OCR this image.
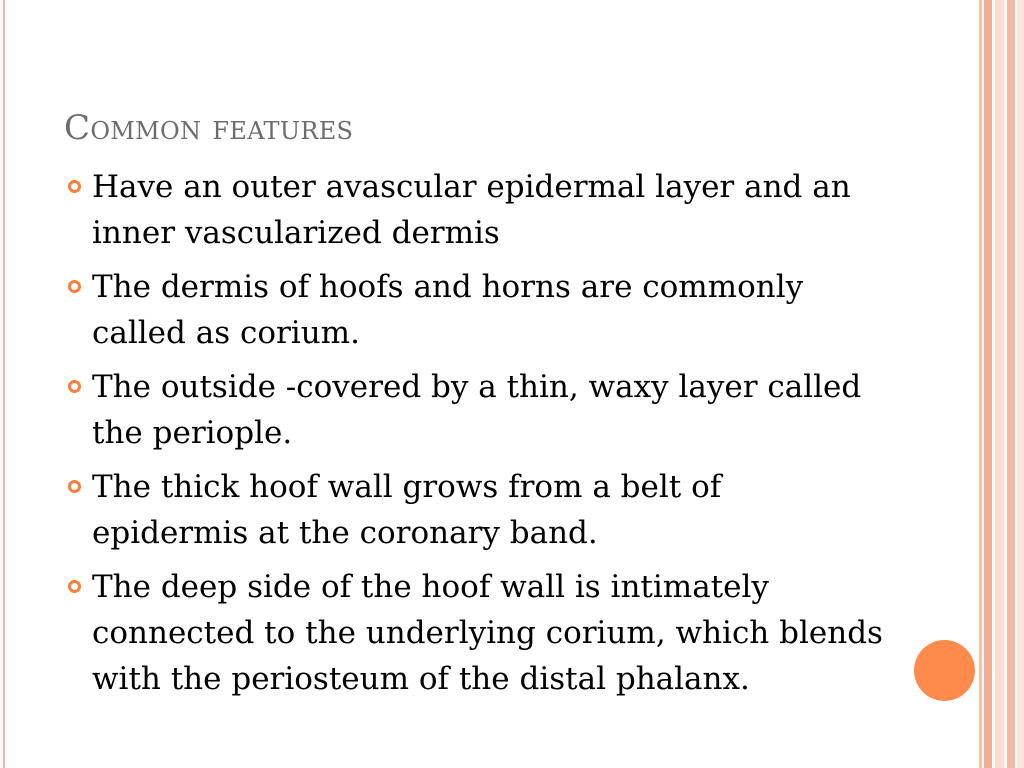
Common features
Have an outer avascular epidermal layer and an inner vascularized dermis
The dermis of hoofs and horns are commonly called as corium.
The outside -covered by a thin, waxy layer called the periople.
The thick hoof wall grows from a belt of epidermis at the coronary band.
The deep side of the hoof wall is intimately connected to the underlying corium, which blends with the periosteum of the distal phalanx.
